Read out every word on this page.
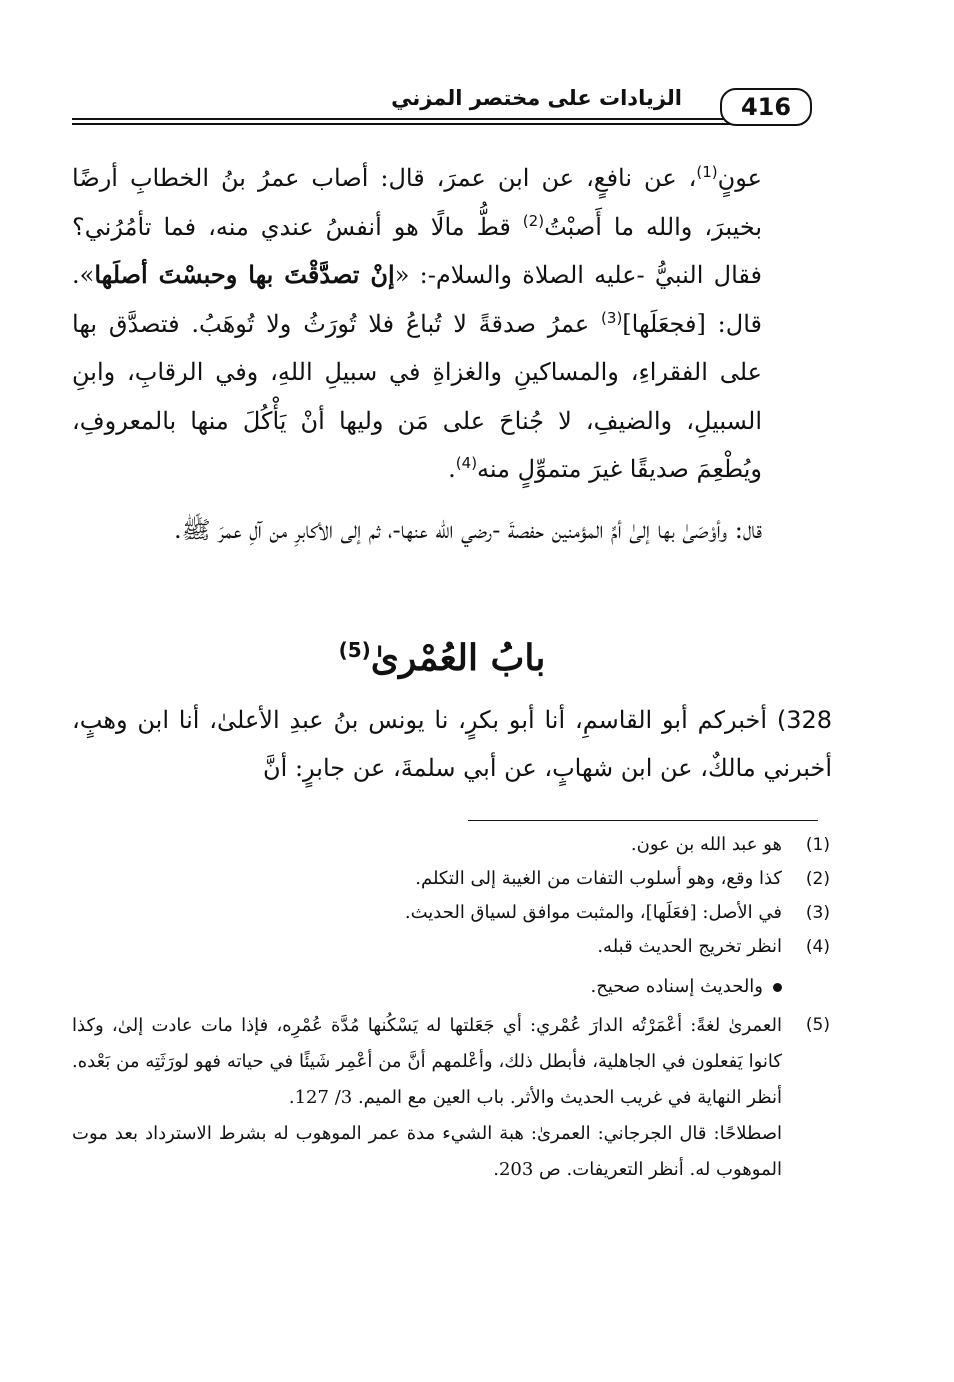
416
الزيادات على مختصر المزني

عونٍ$^{(1)}$، عن نافعٍ، عن ابن عمرَ، قال: أصاب عمرُ بنُ الخطابِ أرضًا بخيبرَ، والله ما أَصبْتُ$^{(2)}$ قطُّ مالًا هو أنفسُ عندي منه، فما تأمُرُني؟ فقال النبيُّ -عليه الصلاة والسلام-: «إنْ تصدَّقْتَ بها وحبسْتَ أصلَها». قال: [فجعَلَها]$^{(3)}$ عمرُ صدقةً لا تُباعُ فلا تُورَثُ ولا تُوهَبُ. فتصدَّق بها على الفقراءِ، والمساكينِ والغزاةِ في سبيلِ اللهِ، وفي الرقابِ، وابنِ السبيلِ، والضيفِ، لا جُناحَ على مَن وليها أنْ يَأْكُلَ منها بالمعروفِ، ويُطْعِمَ صديقًا غيرَ متموِّلٍ منه$^{(4)}$.

قال: وأوْصَىٰ بها إلىٰ أمِّ المؤمنين حفصةَ -رضي الله عنها-، ثم إلى الأكابرِ من آلِ عمرَ ﷺ.

بابُ العُمْرىٰ$^{(5)}$

328) أخبركم أبو القاسمِ، أنا أبو بكرٍ، نا يونس بنُ عبدِ الأعلىٰ، أنا ابن وهبٍ، أخبرني مالكٌ، عن ابن شهابٍ، عن أبي سلمةَ، عن جابرٍ: أنَّ

(1)
هو عبد الله بن عون.
(2)
كذا وقع، وهو أسلوب التفات من الغيبة إلى التكلم.
(3)
في الأصل: [فعَلَها]، والمثبت موافق لسياق الحديث.
(4)
انظر تخريج الحديث قبله.
والحديث إسناده صحيح.
(5)
العمرىٰ لغةً: أعْمَرْتُه الدارَ عُمْري: أي جَعَلتها له يَسْكُنها مُدَّة عُمْرِه، فإذا مات عادت إلىٰ، وكذا كانوا يَفعلون في الجاهلية، فأبطل ذلك، وأعْلمهم أنَّ من أعْمِر شَيئًا في حياته فهو لورَثَتِه من بَعْده. أنظر النهاية في غريب الحديث والأثر. باب العين مع الميم. 3/ 127.
اصطلاحًا: قال الجرجاني: العمرىٰ: هبة الشيء مدة عمر الموهوب له بشرط الاسترداد بعد موت الموهوب له. أنظر التعريفات. ص 203.
